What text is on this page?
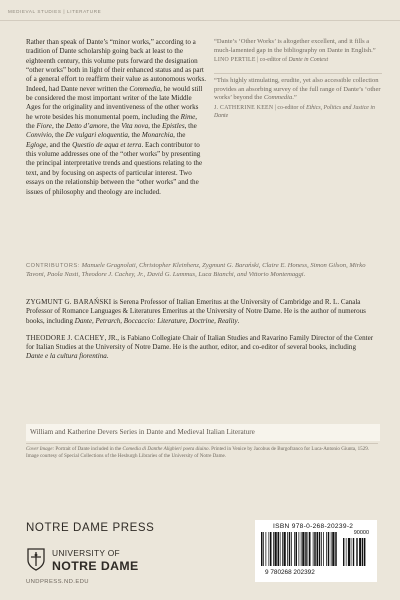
MEDIEVAL STUDIES | LITERATURE
Rather than speak of Dante’s “minor works,” according to a tradition of Dante scholarship going back at least to the eighteenth century, this volume puts forward the designation “other works” both in light of their enhanced status and as part of a general effort to reaffirm their value as autonomous works. Indeed, had Dante never written the Commedia, he would still be considered the most important writer of the late Middle Ages for the originality and inventiveness of the other works he wrote besides his monumental poem, including the Rime, the Fiore, the Detto d’amore, the Vita nova, the Epistles, the Convivio, the De vulgari eloquentia, the Monarchia, the Egloge, and the Questio de aqua et terra. Each contributor to this volume addresses one of the “other works” by presenting the principal interpretative trends and questions relating to the text, and by focusing on aspects of particular interest. Two essays on the relationship between the “other works” and the issues of philosophy and theology are included.
“Dante’s ‘Other Works’ is altogether excellent, and it fills a much-lamented gap in the bibliography on Dante in English.”
LINO PERTILE | co-editor of Dante in Context
“This highly stimulating, erudite, yet also accessible collection provides an absorbing survey of the full range of Dante’s ‘other works’ beyond the Commedia.”
J. CATHERINE KEEN | co-editor of Ethics, Politics and Justice in Dante
CONTRIBUTORS: Manuele Gragnolati, Christopher Kleinhenz, Zygmunt G. Barański, Claire E. Honess, Simon Gilson, Mirko Tavoni, Paola Nasti, Theodore J. Cachey, Jr., David G. Lummus, Luca Bianchi, and Vittorio Montemaggi.

ZYGMUNT G. BARAŃSKI is Serena Professor of Italian Emeritus at the University of Cambridge and R. L. Canala Professor of Romance Languages & Literatures Emeritus at the University of Notre Dame. He is the author of numerous books, including Dante, Petrarch, Boccaccio: Literature, Doctrine, Reality.

THEODORE J. CACHEY, JR., is Fabiano Collegiate Chair of Italian Studies and Ravarino Family Director of the Center for Italian Studies at the University of Notre Dame. He is the author, editor, and co-editor of several books, including Dante e la cultura fiorentina.

William and Katherine Devers Series in Dante and Medieval Italian Literature
Cover Image: Portrait of Dante included in the Comedia di Danthe Alighieri poeta diuino. Printed in Venice by Jacobus de Burgofranco for Luca-Antonio Giunta, 1529. Image courtesy of Special Collections of the Hesburgh Libraries of the University of Notre Dame.
NOTRE DAME PRESS
UNIVERSITY OF
NOTRE DAME
UNDPRESS.ND.EDU
ISBN 978-0-268-20239-2
90000
9 780268 202392
